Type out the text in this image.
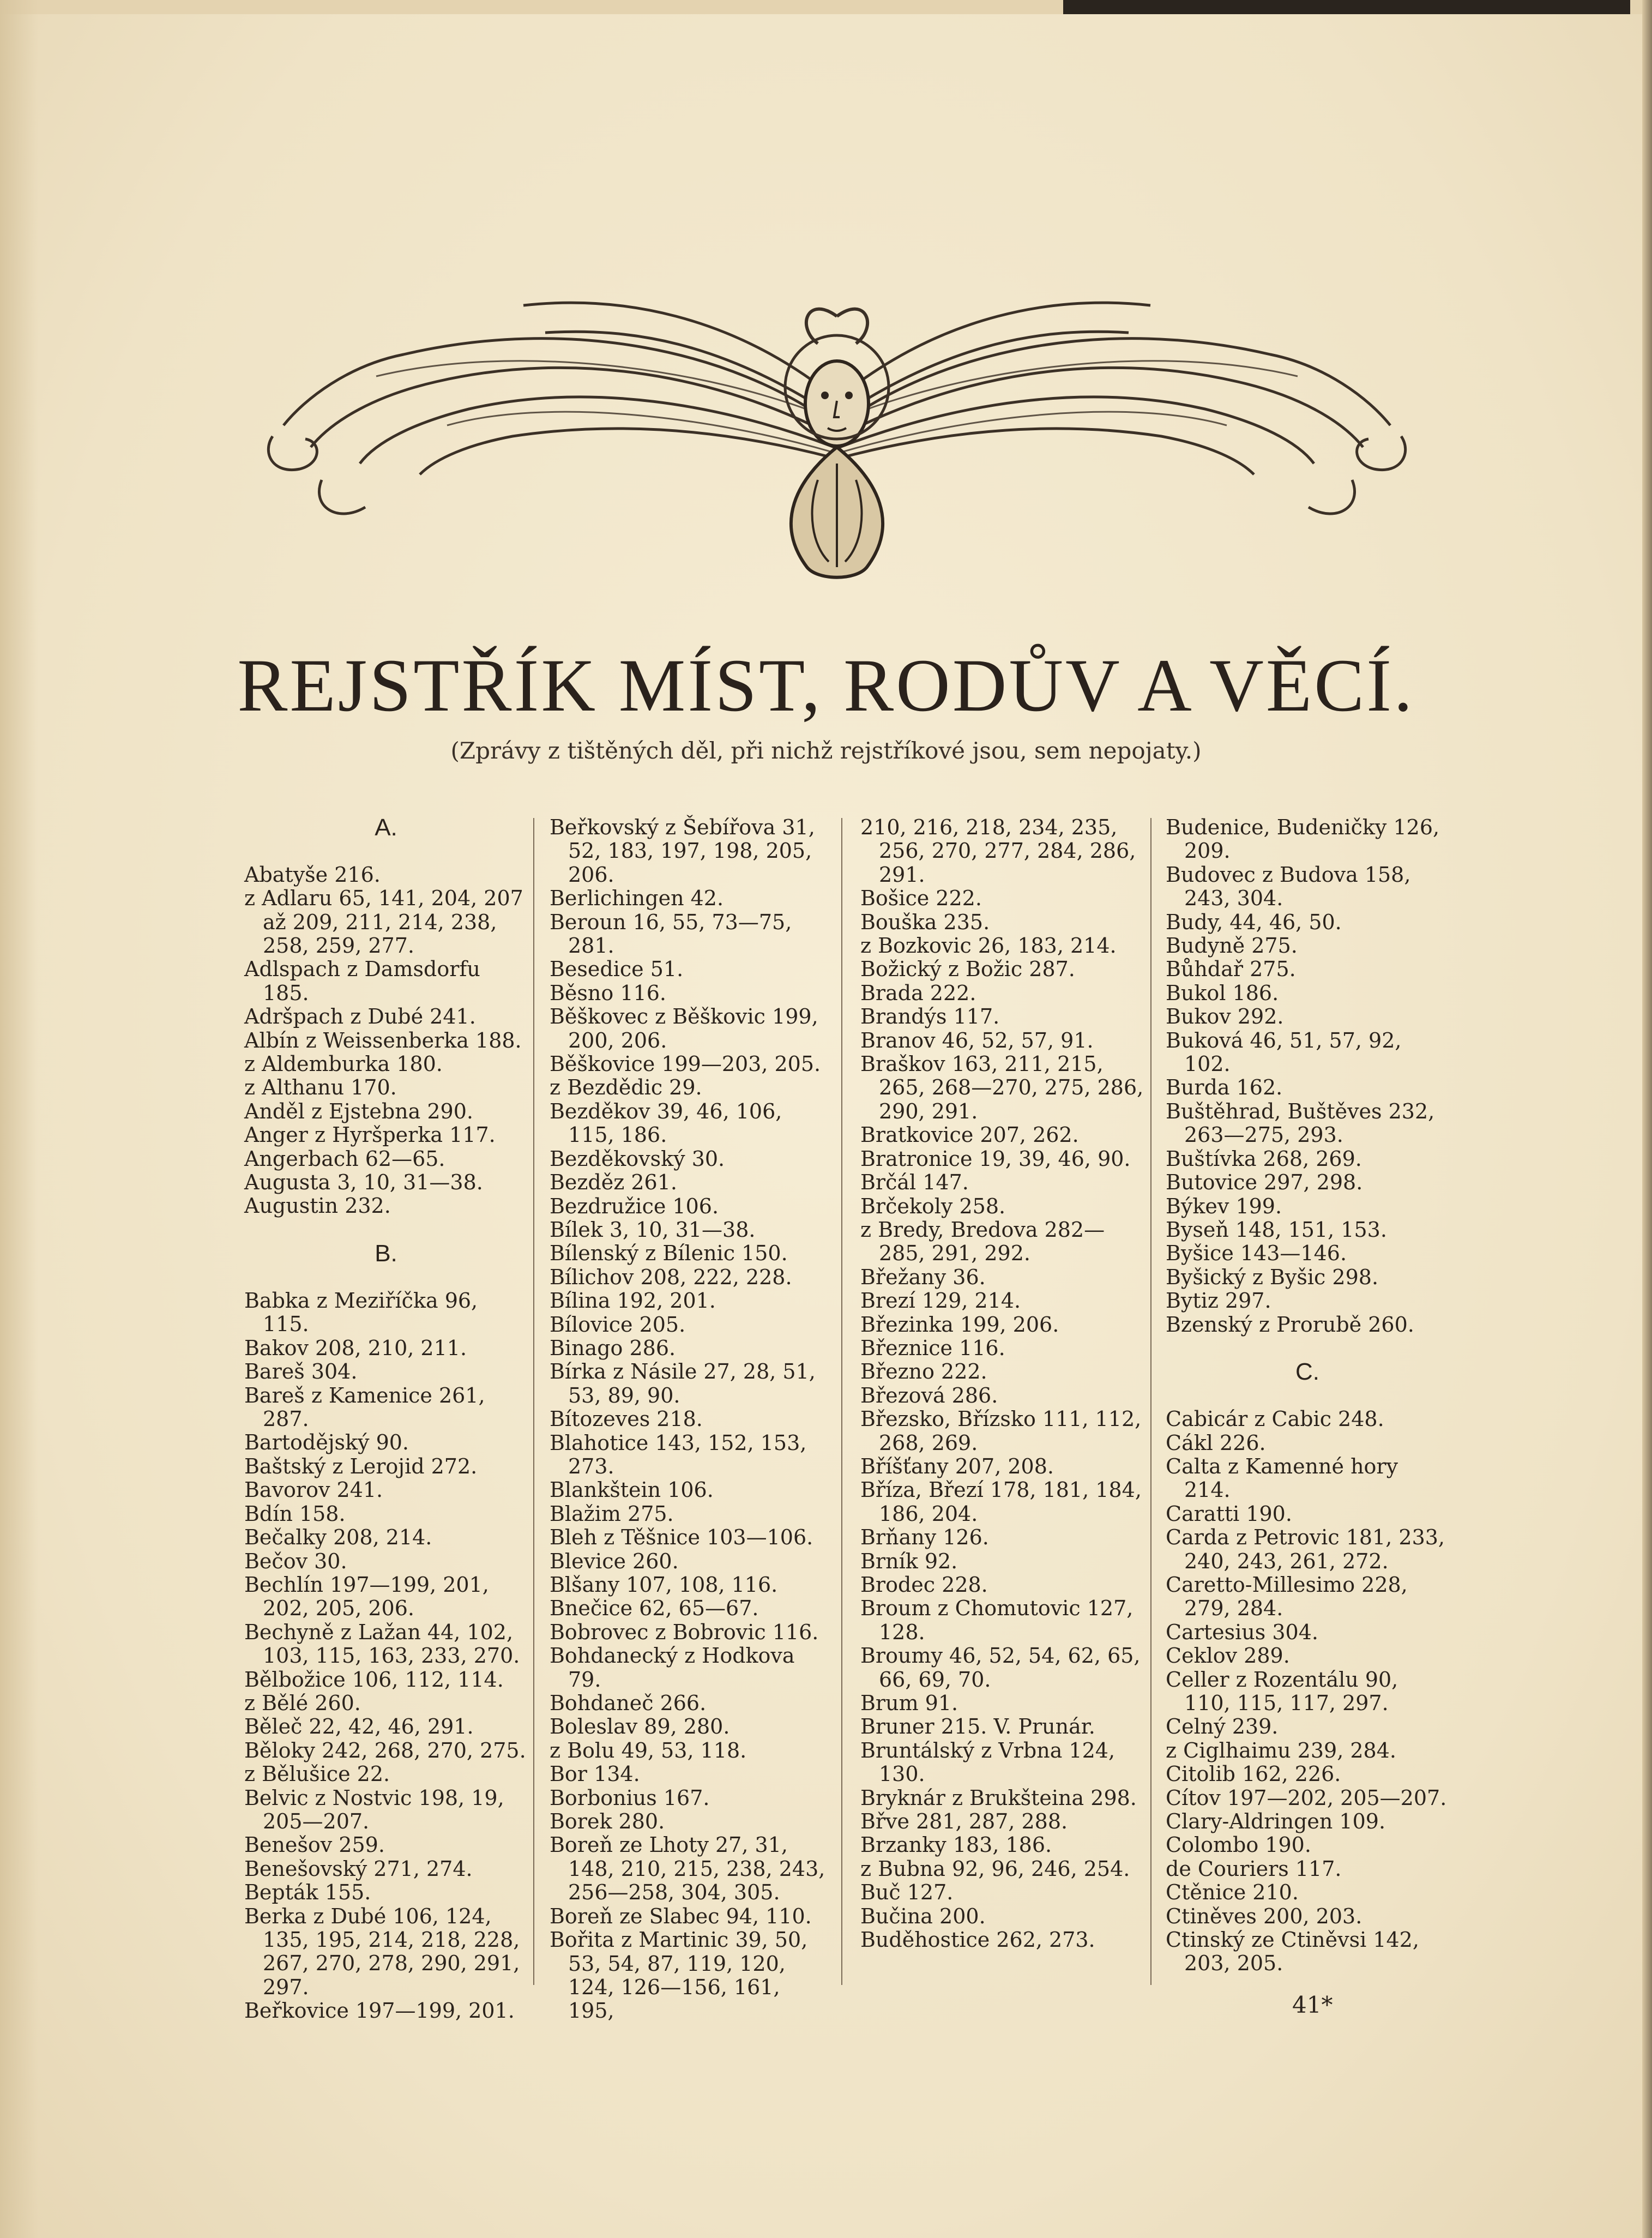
REJSTŘÍK MÍST, RODŮV A VĚCÍ.

(Zprávy z tištěných děl, při nichž rejstříkové jsou, sem nepojaty.)

A.

Abatyše 216.

z Adlaru 65, 141, 204, 207 až 209, 211, 214, 238, 258, 259, 277.

Adlspach z Damsdorfu 185.

Adršpach z Dubé 241.

Albín z Weissenberka 188.

z Aldemburka 180.

z Althanu 170.

Anděl z Ejstebna 290.

Anger z Hyršperka 117.

Angerbach 62—65.

Augusta 3, 10, 31—38.

Augustin 232.

B.

Babka z Meziříčka 96, 115.

Bakov 208, 210, 211.

Bareš 304.

Bareš z Kamenice 261, 287.

Bartodějský 90.

Baštský z Lerojid 272.

Bavorov 241.

Bdín 158.

Bečalky 208, 214.

Bečov 30.

Bechlín 197—199, 201, 202, 205, 206.

Bechyně z Lažan 44, 102, 103, 115, 163, 233, 270.

Bělbožice 106, 112, 114.

z Bělé 260.

Běleč 22, 42, 46, 291.

Běloky 242, 268, 270, 275.

z Bělušice 22.

Belvic z Nostvic 198, 19, 205—207.

Benešov 259.

Benešovský 271, 274.

Bepták 155.

Berka z Dubé 106, 124, 135, 195, 214, 218, 228, 267, 270, 278, 290, 291, 297.

Beřkovice 197—199, 201.

Beřkovský z Šebířova 31, 52, 183, 197, 198, 205, 206.

Berlichingen 42.

Beroun 16, 55, 73—75, 281.

Besedice 51.

Běsno 116.

Běškovec z Běškovic 199, 200, 206.

Běškovice 199—203, 205.

z Bezdědic 29.

Bezděkov 39, 46, 106, 115, 186.

Bezděkovský 30.

Bezděz 261.

Bezdružice 106.

Bílek 3, 10, 31—38.

Bílenský z Bílenic 150.

Bílichov 208, 222, 228.

Bílina 192, 201.

Bílovice 205.

Binago 286.

Bírka z Násile 27, 28, 51, 53, 89, 90.

Bítozeves 218.

Blahotice 143, 152, 153, 273.

Blankštein 106.

Blažim 275.

Bleh z Těšnice 103—106.

Blevice 260.

Blšany 107, 108, 116.

Bnečice 62, 65—67.

Bobrovec z Bobrovic 116.

Bohdanecký z Hodkova 79.

Bohdaneč 266.

Boleslav 89, 280.

z Bolu 49, 53, 118.

Bor 134.

Borbonius 167.

Borek 280.

Boreň ze Lhoty 27, 31, 148, 210, 215, 238, 243, 256—258, 304, 305.

Boreň ze Slabec 94, 110.

Bořita z Martinic 39, 50, 53, 54, 87, 119, 120, 124, 126—156, 161, 195,

210, 216, 218, 234, 235, 256, 270, 277, 284, 286, 291.

Bošice 222.

Bouška 235.

z Bozkovic 26, 183, 214.

Božický z Božic 287.

Brada 222.

Brandýs 117.

Branov 46, 52, 57, 91.

Braškov 163, 211, 215, 265, 268—270, 275, 286, 290, 291.

Bratkovice 207, 262.

Bratronice 19, 39, 46, 90.

Brčál 147.

Brčekoly 258.

z Bredy, Bredova 282—285, 291, 292.

Břežany 36.

Brezí 129, 214.

Březinka 199, 206.

Březnice 116.

Březno 222.

Březová 286.

Březsko, Břízsko 111, 112, 268, 269.

Bříšťany 207, 208.

Bříza, Březí 178, 181, 184, 186, 204.

Brňany 126.

Brník 92.

Brodec 228.

Broum z Chomutovic 127, 128.

Broumy 46, 52, 54, 62, 65, 66, 69, 70.

Brum 91.

Bruner 215. V. Prunár.

Bruntálský z Vrbna 124, 130.

Bryknár z Brukšteina 298.

Břve 281, 287, 288.

Brzanky 183, 186.

z Bubna 92, 96, 246, 254.

Buč 127.

Bučina 200.

Buděhostice 262, 273.

Budenice, Budeničky 126, 209.

Budovec z Budova 158, 243, 304.

Budy, 44, 46, 50.

Budyně 275.

Bůhdař 275.

Bukol 186.

Bukov 292.

Buková 46, 51, 57, 92, 102.

Burda 162.

Buštěhrad, Buštěves 232, 263—275, 293.

Buštívka 268, 269.

Butovice 297, 298.

Býkev 199.

Byseň 148, 151, 153.

Byšice 143—146.

Byšický z Byšic 298.

Bytiz 297.

Bzenský z Prorubě 260.

C.

Cabicár z Cabic 248.

Cákl 226.

Calta z Kamenné hory 214.

Caratti 190.

Carda z Petrovic 181, 233, 240, 243, 261, 272.

Caretto-Millesimo 228, 279, 284.

Cartesius 304.

Ceklov 289.

Celler z Rozentálu 90, 110, 115, 117, 297.

Celný 239.

z Ciglhaimu 239, 284.

Citolib 162, 226.

Cítov 197—202, 205—207.

Clary-Aldringen 109.

Colombo 190.

de Couriers 117.

Ctěnice 210.

Ctiněves 200, 203.

Ctinský ze Ctiněvsi 142, 203, 205.

41*
